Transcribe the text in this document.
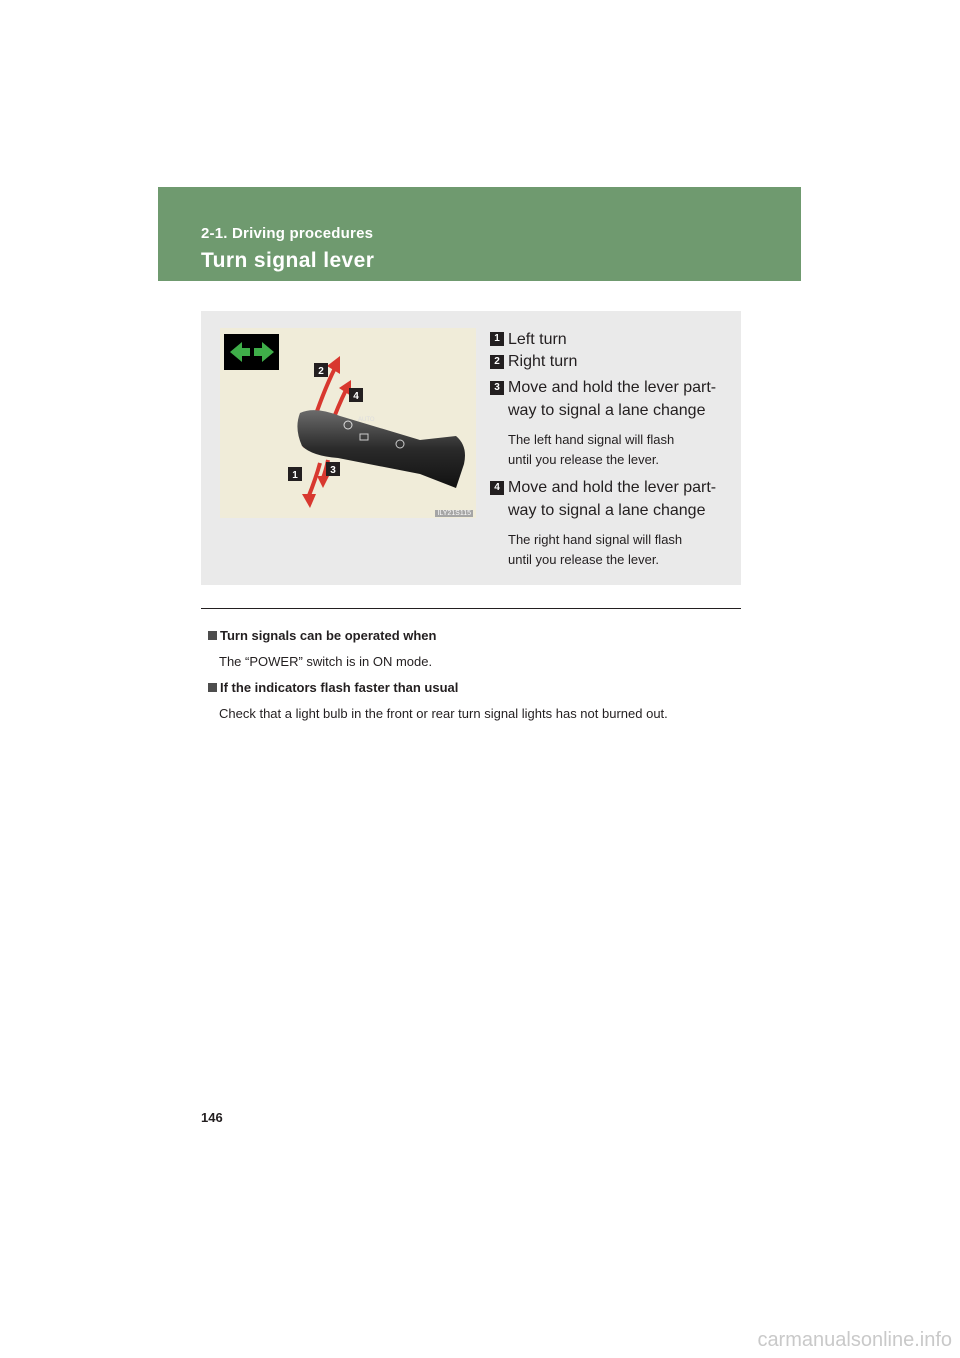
2-1. Driving procedures
Turn signal lever
AUTO
2
4
1	3
ILY21S115
1 Left turn
2 Right turn
3 Move and hold the lever part-
way to signal a lane change
The left hand signal will flash
until you release the lever.
4 Move and hold the lever part-
way to signal a lane change
The right hand signal will flash
until you release the lever.
Turn signals can be operated when
The “POWER” switch is in ON mode.
If the indicators flash faster than usual
Check that a light bulb in the front or rear turn signal lights has not burned out.
146
carmanualsonline.info
